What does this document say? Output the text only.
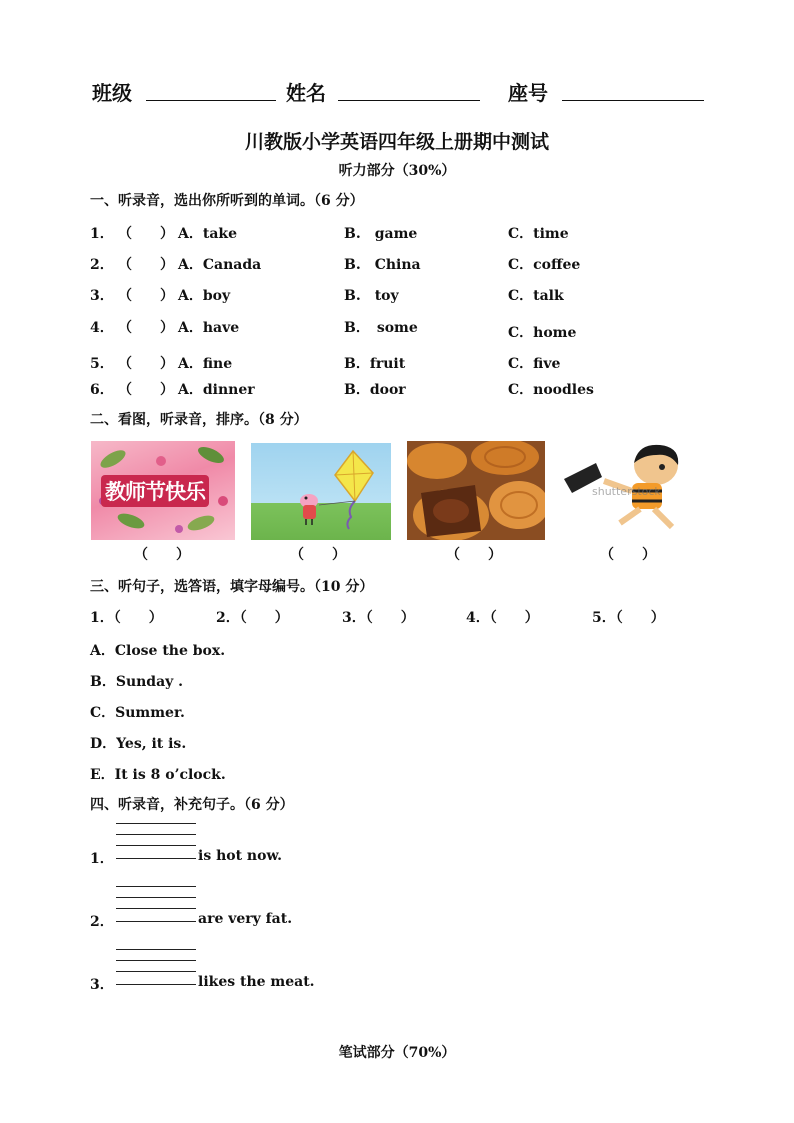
班级	姓名	座号
川教版小学英语四年级上册期中测试
听力部分（30%）
一、听录音，选出你所听到的单词。（6 分）
1． （　　） A．take	B.　game	C．time
2． （　　） A．Canada	B.　China	C．coffee
3． （　　） A．boy	B.　toy	C．talk
4． （　　） A．have	B．　some	C．home
5． （　　） A．fine	B．fruit	C．five
6． （　　） A．dinner	B．door	C．noodles
二、看图，听录音，排序。（8 分）
教师节快乐	shutterstock
（　　）	（　　）	（　　）	（　　）
三、听句子，选答语，填字母编号。（10 分）
1．（　　）	2．（　　）	3．（　　）	4．（　　）	5．（　　）
A．Close the box.
B．Sunday .
C．Summer.
D．Yes, it is.
E．It is 8 o’clock.
四、听录音，补充句子。（6 分）
1．	is hot now.
2．	are very fat.
3．	likes the meat.
笔试部分（70%）
